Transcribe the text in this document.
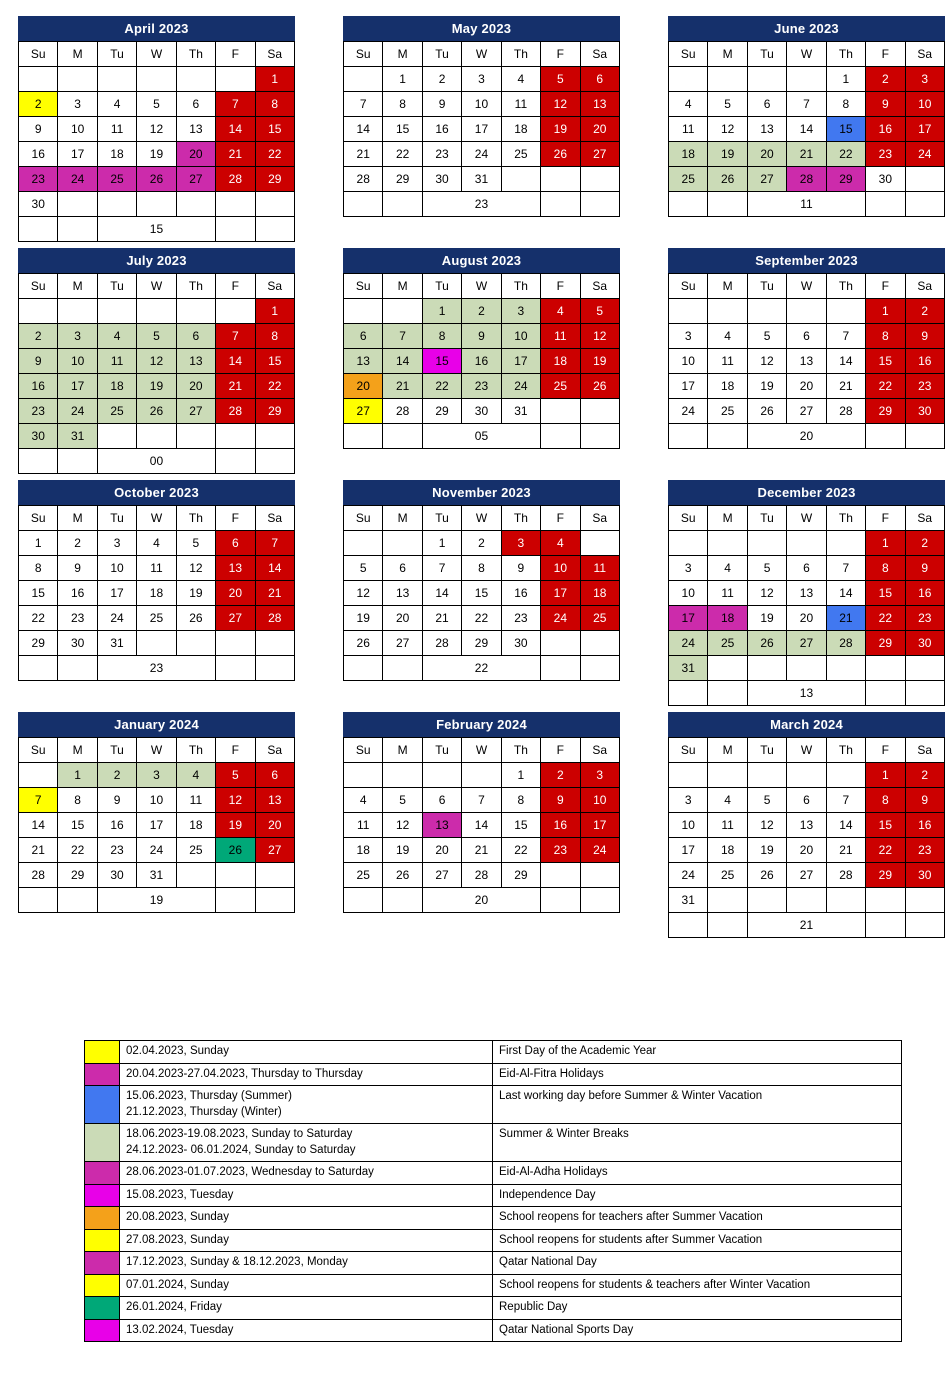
April 2023
Su	M	Tu	W	Th	F	Sa
						1
2	3	4	5	6	7	8
9	10	11	12	13	14	15
16	17	18	19	20	21	22
23	24	25	26	27	28	29
30						
		15				
May 2023
Su	M	Tu	W	Th	F	Sa
	1	2	3	4	5	6
7	8	9	10	11	12	13
14	15	16	17	18	19	20
21	22	23	24	25	26	27
28	29	30	31			
		23				
June 2023
Su	M	Tu	W	Th	F	Sa
				1	2	3
4	5	6	7	8	9	10
11	12	13	14	15	16	17
18	19	20	21	22	23	24
25	26	27	28	29	30	
		11				
July 2023
Su	M	Tu	W	Th	F	Sa
						1
2	3	4	5	6	7	8
9	10	11	12	13	14	15
16	17	18	19	20	21	22
23	24	25	26	27	28	29
30	31					
		00				
August 2023
Su	M	Tu	W	Th	F	Sa
		1	2	3	4	5
6	7	8	9	10	11	12
13	14	15	16	17	18	19
20	21	22	23	24	25	26
27	28	29	30	31		
		05				
September 2023
Su	M	Tu	W	Th	F	Sa
					1	2
3	4	5	6	7	8	9
10	11	12	13	14	15	16
17	18	19	20	21	22	23
24	25	26	27	28	29	30
		20				
October 2023
Su	M	Tu	W	Th	F	Sa
1	2	3	4	5	6	7
8	9	10	11	12	13	14
15	16	17	18	19	20	21
22	23	24	25	26	27	28
29	30	31				
		23				
November 2023
Su	M	Tu	W	Th	F	Sa
		1	2	3	4	
5	6	7	8	9	10	11
12	13	14	15	16	17	18
19	20	21	22	23	24	25
26	27	28	29	30		
		22				
December 2023
Su	M	Tu	W	Th	F	Sa
					1	2
3	4	5	6	7	8	9
10	11	12	13	14	15	16
17	18	19	20	21	22	23
24	25	26	27	28	29	30
31						
		13				
January 2024
Su	M	Tu	W	Th	F	Sa
	1	2	3	4	5	6
7	8	9	10	11	12	13
14	15	16	17	18	19	20
21	22	23	24	25	26	27
28	29	30	31			
		19				
February 2024
Su	M	Tu	W	Th	F	Sa
				1	2	3
4	5	6	7	8	9	10
11	12	13	14	15	16	17
18	19	20	21	22	23	24
25	26	27	28	29		
		20				
March 2024
Su	M	Tu	W	Th	F	Sa
					1	2
3	4	5	6	7	8	9
10	11	12	13	14	15	16
17	18	19	20	21	22	23
24	25	26	27	28	29	30
31						
		21				

	02.04.2023, Sunday	First Day of the Academic Year

	20.04.2023-27.04.2023, Thursday to Thursday	Eid-Al-Fitra Holidays

	15.06.2023, Thursday (Summer)
21.12.2023, Thursday (Winter)	Last working day before Summer & Winter Vacation

	18.06.2023-19.08.2023, Sunday to Saturday
24.12.2023- 06.01.2024, Sunday to Saturday	Summer & Winter Breaks

	28.06.2023-01.07.2023, Wednesday to Saturday	Eid-Al-Adha Holidays

	15.08.2023, Tuesday	Independence Day

	20.08.2023, Sunday	School reopens for teachers after Summer Vacation

	27.08.2023, Sunday	School reopens for students after Summer Vacation

	17.12.2023, Sunday & 18.12.2023, Monday	Qatar National Day

	07.01.2024, Sunday	School reopens for students & teachers after Winter Vacation

	26.01.2024, Friday	Republic Day

	13.02.2024, Tuesday	Qatar National Sports Day
